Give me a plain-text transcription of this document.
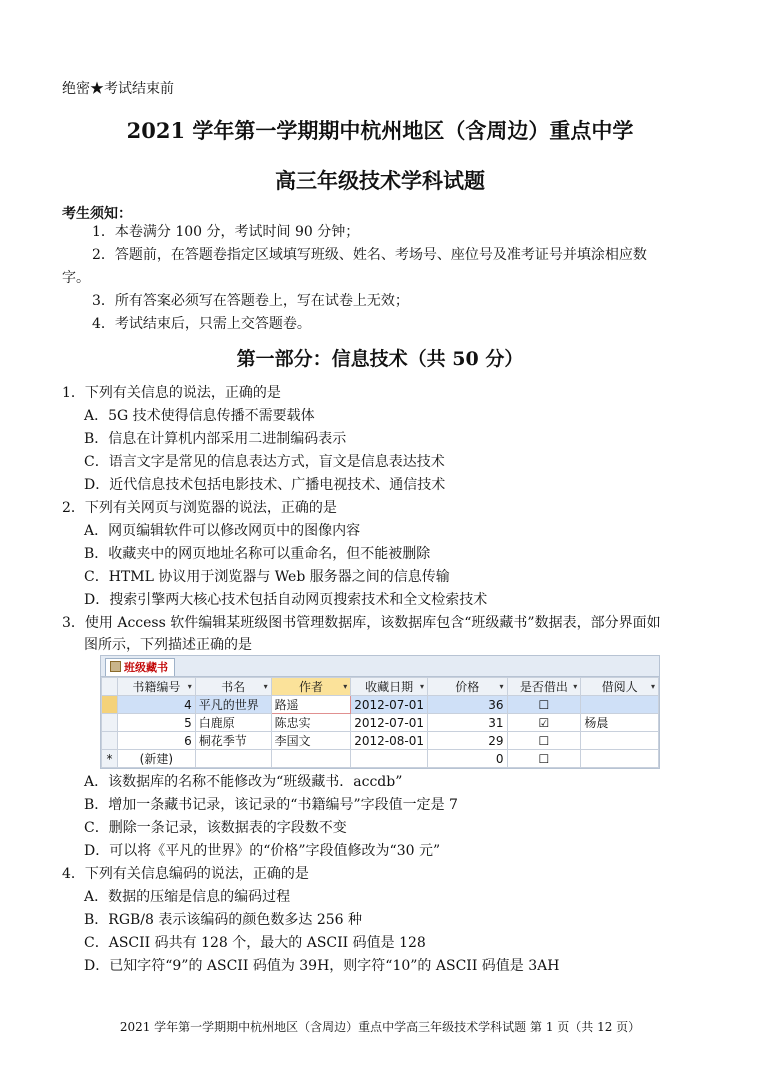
绝密★考试结束前
2021 学年第一学期期中杭州地区（含周边）重点中学
高三年级技术学科试题
考生须知：
1．本卷满分 100 分，考试时间 90 分钟；
2．答题前，在答题卷指定区域填写班级、姓名、考场号、座位号及准考证号并填涂相应数
字。
3．所有答案必须写在答题卷上，写在试卷上无效；
4．考试结束后，只需上交答题卷。
第一部分：信息技术（共 50 分）
1．下列有关信息的说法，正确的是
A．5G 技术使得信息传播不需要载体
B．信息在计算机内部采用二进制编码表示
C．语言文字是常见的信息表达方式，盲文是信息表达技术
D．近代信息技术包括电影技术、广播电视技术、通信技术
2．下列有关网页与浏览器的说法，正确的是
A．网页编辑软件可以修改网页中的图像内容
B．收藏夹中的网页地址名称可以重命名，但不能被删除
C．HTML 协议用于浏览器与 Web 服务器之间的信息传输
D．搜索引擎两大核心技术包括自动网页搜索技术和全文检索技术
3．使用 Access 软件编辑某班级图书管理数据库，该数据库包含“班级藏书”数据表，部分界面如
图所示，下列描述正确的是
班级藏书
	书籍编号 ▾	书名 ▾	作者 ▾	收藏日期 ▾	价格 ▾	是否借出 ▾	借阅人 ▾

	4	平凡的世界	路遥	2012-07-01	36	☐	
	5	白鹿原	陈忠实	2012-07-01	31	☑	杨晨
	6	桐花季节	李国文	2012-08-01	29	☐	
*	(新建)				0	☐	
A．该数据库的名称不能修改为“班级藏书．accdb”
B．增加一条藏书记录，该记录的“书籍编号”字段值一定是 7
C．删除一条记录，该数据表的字段数不变
D．可以将《平凡的世界》的“价格”字段值修改为“30 元”
4．下列有关信息编码的说法，正确的是
A．数据的压缩是信息的编码过程
B．RGB/8 表示该编码的颜色数多达 256 种
C．ASCII 码共有 128 个，最大的 ASCII 码值是 128
D．已知字符“9”的 ASCII 码值为 39H，则字符“10”的 ASCII 码值是 3AH
2021 学年第一学期期中杭州地区（含周边）重点中学高三年级技术学科试题 第 1 页（共 12 页）
